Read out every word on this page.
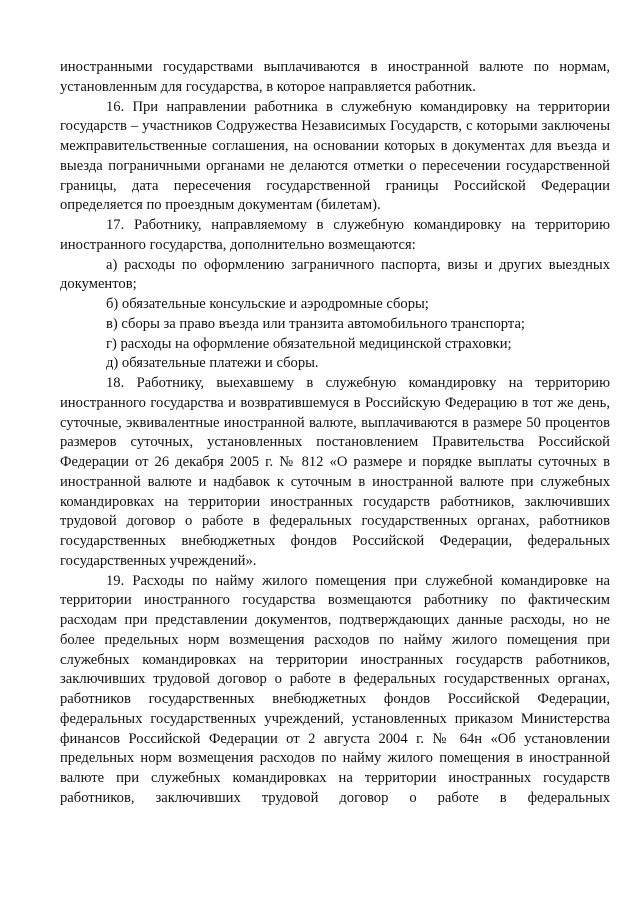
иностранными государствами выплачиваются в иностранной валюте по нормам, установленным для государства, в которое направляется работник.

16. При направлении работника в служебную командировку на территории государств – участников Содружества Независимых Государств, с которыми заключены межправительственные соглашения, на основании которых в документах для въезда и выезда пограничными органами не делаются отметки о пересечении государственной границы, дата пересечения государственной границы Российской Федерации определяется по проездным документам (билетам).

17. Работнику, направляемому в служебную командировку на территорию иностранного государства, дополнительно возмещаются:

а) расходы по оформлению заграничного паспорта, визы и других выездных документов;

б) обязательные консульские и аэродромные сборы;

в) сборы за право въезда или транзита автомобильного транспорта;

г) расходы на оформление обязательной медицинской страховки;

д) обязательные платежи и сборы.

18. Работнику, выехавшему в служебную командировку на территорию иностранного государства и возвратившемуся в Российскую Федерацию в тот же день, суточные, эквивалентные иностранной валюте, выплачиваются в размере 50 процентов размеров суточных, установленных постановлением Правительства Российской Федерации от 26 декабря 2005 г. № 812 «О размере и порядке выплаты суточных в иностранной валюте и надбавок к суточным в иностранной валюте при служебных командировках на территории иностранных государств работников, заключивших трудовой договор о работе в федеральных государственных органах, работников государственных внебюджетных фондов Российской Федерации, федеральных государственных учреждений».

19. Расходы по найму жилого помещения при служебной командировке на территории иностранного государства возмещаются работнику по фактическим расходам при представлении документов, подтверждающих данные расходы, но не более предельных норм возмещения расходов по найму жилого помещения при служебных командировках на территории иностранных государств работников, заключивших трудовой договор о работе в федеральных государственных органах, работников государственных внебюджетных фондов Российской Федерации, федеральных государственных учреждений, установленных приказом Министерства финансов Российской Федерации от 2 августа 2004 г. № 64н «Об установлении предельных норм возмещения расходов по найму жилого помещения в иностранной валюте при служебных командировках на территории иностранных государств работников, заключивших трудовой договор о работе в федеральных
